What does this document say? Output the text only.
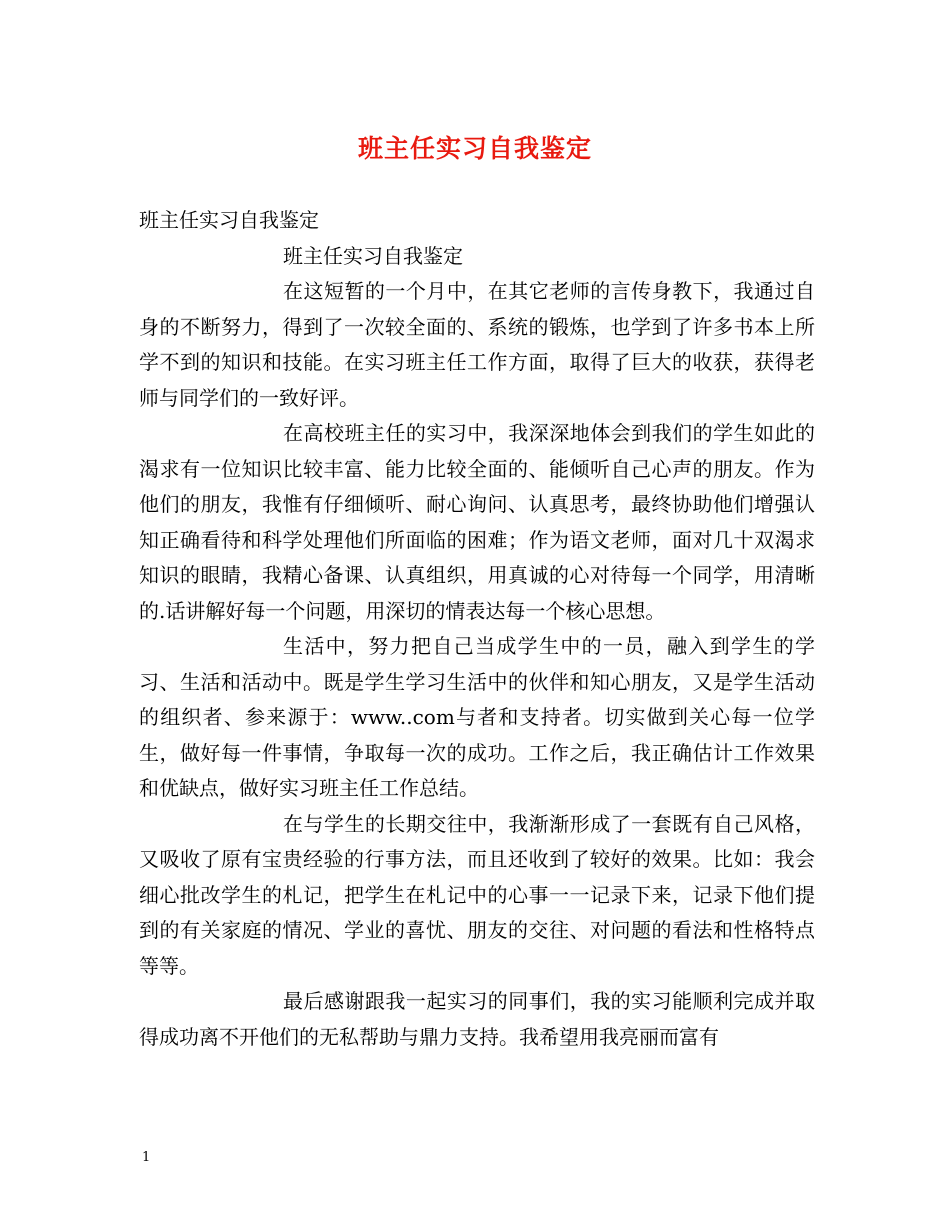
班主任实习自我鉴定

班主任实习自我鉴定

班主任实习自我鉴定

在这短暂的一个月中，在其它老师的言传身教下，我通过自身的不断努力，得到了一次较全面的、系统的锻炼，也学到了许多书本上所学不到的知识和技能。在实习班主任工作方面，取得了巨大的收获，获得老师与同学们的一致好评。

在高校班主任的实习中，我深深地体会到我们的学生如此的渴求有一位知识比较丰富、能力比较全面的、能倾听自己心声的朋友。作为他们的朋友，我惟有仔细倾听、耐心询问、认真思考，最终协助他们增强认知正确看待和科学处理他们所面临的困难；作为语文老师，面对几十双渴求知识的眼睛，我精心备课、认真组织，用真诚的心对待每一个同学，用清晰的.话讲解好每一个问题，用深切的情表达每一个核心思想。

生活中，努力把自己当成学生中的一员，融入到学生的学习、生活和活动中。既是学生学习生活中的伙伴和知心朋友，又是学生活动的组织者、参来源于：www..com与者和支持者。切实做到关心每一位学生，做好每一件事情，争取每一次的成功。工作之后，我正确估计工作效果和优缺点，做好实习班主任工作总结。

在与学生的长期交往中，我渐渐形成了一套既有自己风格，又吸收了原有宝贵经验的行事方法，而且还收到了较好的效果。比如：我会细心批改学生的札记，把学生在札记中的心事一一记录下来，记录下他们提到的有关家庭的情况、学业的喜忧、朋友的交往、对问题的看法和性格特点等等。

最后感谢跟我一起实习的同事们，我的实习能顺利完成并取得成功离不开他们的无私帮助与鼎力支持。我希望用我亮丽而富有

1
